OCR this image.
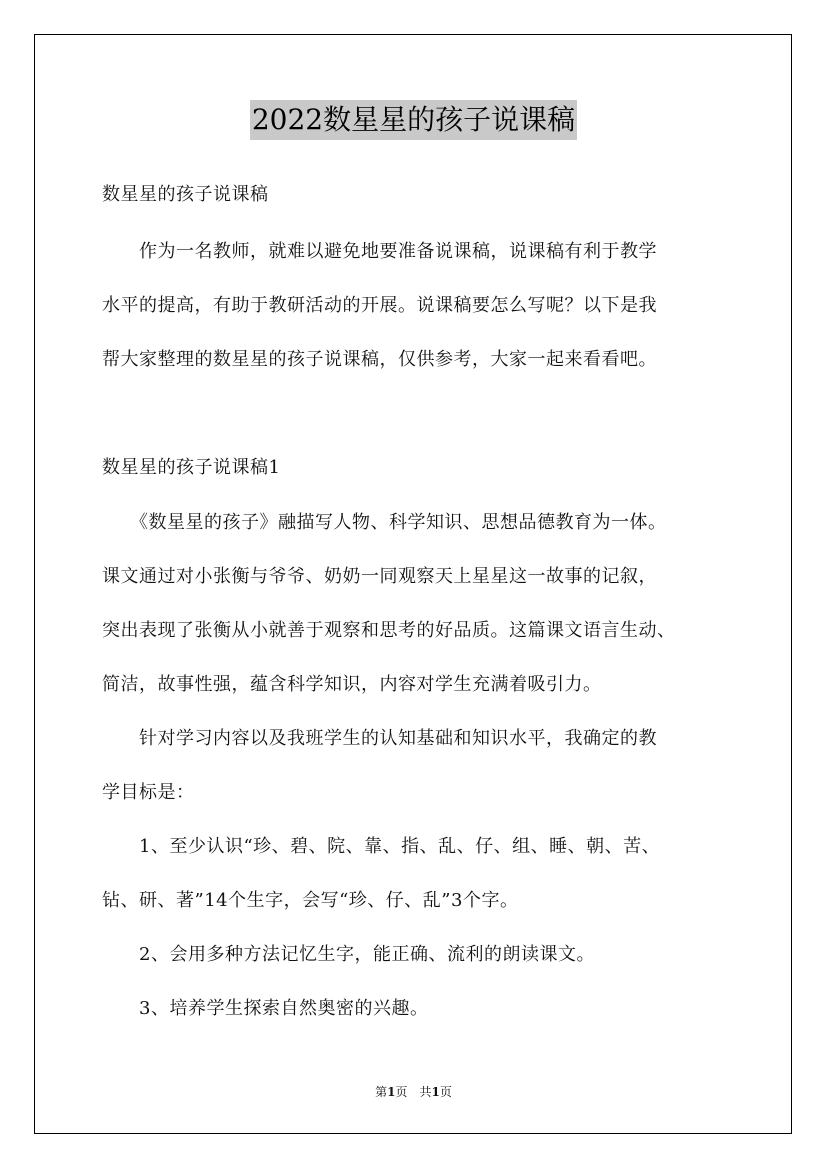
2022数星星的孩子说课稿
数星星的孩子说课稿
　　作为一名教师，就难以避免地要准备说课稿，说课稿有利于教学
水平的提高，有助于教研活动的开展。说课稿要怎么写呢？以下是我
帮大家整理的数星星的孩子说课稿，仅供参考，大家一起来看看吧。
数星星的孩子说课稿1
　　《数星星的孩子》融描写人物、科学知识、思想品德教育为一体。
课文通过对小张衡与爷爷、奶奶一同观察天上星星这一故事的记叙，
突出表现了张衡从小就善于观察和思考的好品质。这篇课文语言生动、
简洁，故事性强，蕴含科学知识，内容对学生充满着吸引力。
　　针对学习内容以及我班学生的认知基础和知识水平，我确定的教
学目标是：
　　1、至少认识“珍、碧、院、靠、指、乱、仔、组、睡、朝、苦、
钻、研、著”14个生字，会写“珍、仔、乱”3个字。
　　2、会用多种方法记忆生字，能正确、流利的朗读课文。
　　3、培养学生探索自然奥密的兴趣。
第1页　共1页
